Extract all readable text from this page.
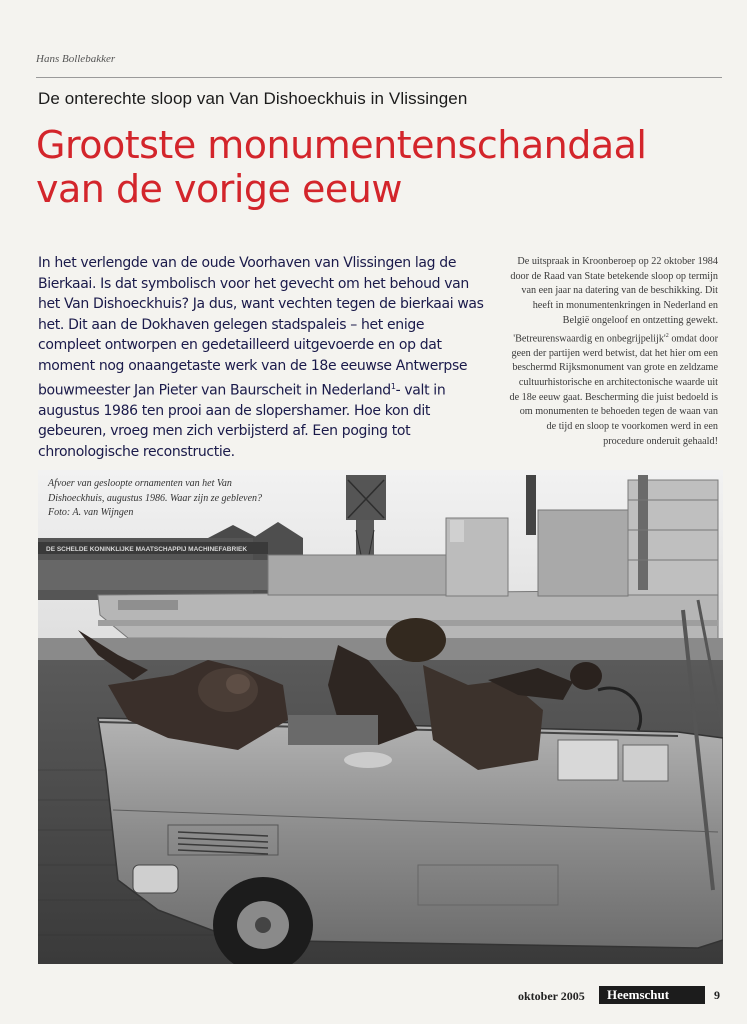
Hans Bollebakker
De onterechte sloop van Van Dishoeckhuis in Vlissingen
Grootste monumentenschandaal
van de vorige eeuw

In het verlengde van de oude Voorhaven van Vlissingen lag de Bierkaai. Is dat symbolisch voor het gevecht om het behoud van het Van Dishoeckhuis? Ja dus, want vechten tegen de bierkaai was het. Dit aan de Dokhaven gelegen stadspaleis – het enige compleet ontworpen en gedetailleerd uitgevoerde en op dat moment nog onaangetaste werk van de 18e eeuwse Antwerpse bouwmeester Jan Pieter van Baurscheit in Nederland$^1$- valt in augustus 1986 ten prooi aan de slopershamer. Hoe kon dit gebeuren, vroeg men zich verbijsterd af. Een poging tot chronologische reconstructie.

De uitspraak in Kroonberoep op 22 oktober 1984 door de Raad van State betekende sloop op termijn van een jaar na datering van de beschikking. Dit heeft in monumentenkringen in Nederland en België ongeloof en ontzetting gewekt. 'Betreurenswaardig en $onbegrijpelijk'^2$ omdat door geen der partijen werd betwist, dat het hier om een beschermd Rijksmonument van grote en zeldzame cultuurhistorische en architectonische waarde uit de 18e eeuw gaat. Bescherming die juist bedoeld is om monumenten te behoeden tegen de waan van de tijd en sloop te voorkomen werd in een procedure onderuit gehaald!

Afvoer van gesloopte ornamenten van het Van Dishoeckhuis, augustus 1986. Waar zijn ze gebleven? Foto: A. van Wijngen

DE SCHELDE KONINKLIJKE MAATSCHAPPIJ MACHINEFABRIEK
oktober 2005	Heemschut	9
